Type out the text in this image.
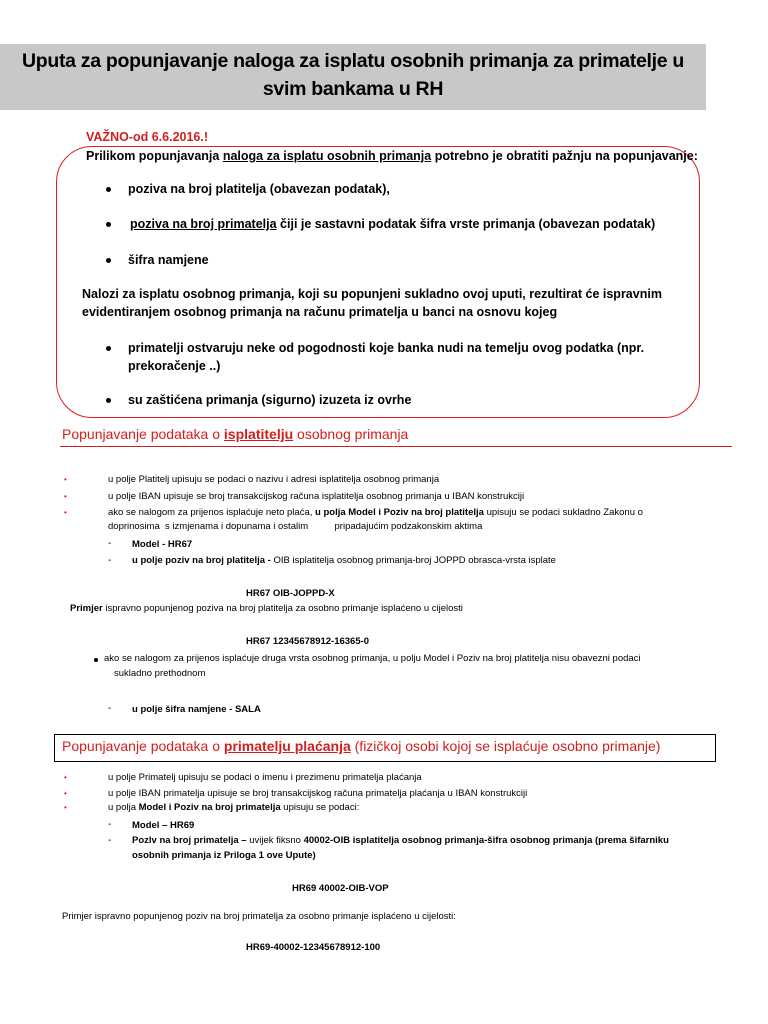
Uputa za popunjavanje naloga za isplatu osobnih primanja za primatelje u
svim bankama u RH
VAŽNO-od 6.6.2016.!
Prilikom popunjavanja naloga za isplatu osobnih primanja potrebno je obratiti pažnju na popunjavanje:
poziva na broj platitelja (obavezan podatak),
poziva na broj primatelja čiji je sastavni podatak šifra vrste primanja (obavezan podatak)
šifra namjene
Nalozi za isplatu osobnog primanja, koji su popunjeni sukladno ovoj uputi, rezultirat će ispravnim
evidentiranjem osobnog primanja na računu primatelja u banci na osnovu kojeg
primatelji ostvaruju neke od pogodnosti koje banka nudi na temelju ovog podatka (npr.
prekoračenje ..)
su zaštićena primanja (sigurno) izuzeta iz ovrhe
Popunjavanje podataka o isplatitelju osobnog primanja
•	u polje Platitelj upisuju se podaci o nazivu i adresi isplatitelja osobnog primanja
•	u polje IBAN upisuje se broj transakcijskog računa isplatitelja osobnog primanja u IBAN konstrukciji
•	ako se nalogom za prijenos isplaćuje neto plaća, u polja Model i Poziv na broj platitelja upisuju se podaci sukladno Zakonu o
doprinosima  s izmjenama i dopunama i ostalim          pripadajućim podzakonskim aktima
- Model - HR67
- u polje poziv na broj platitelja - OIB isplatitelja osobnog primanja-broj JOPPD obrasca-vrsta isplate
HR67 OIB-JOPPD-X
Primjer ispravno popunjenog poziva na broj platitelja za osobno primanje isplaćeno u cijelosti
HR67 12345678912-16365-0
ako se nalogom za prijenos isplaćuje druga vrsta osobnog primanja, u polju Model i Poziv na broj platitelja nisu obavezni podaci
sukladno prethodnom
- u polje šifra namjene - SALA
Popunjavanje podataka o primatelju plaćanja (fizičkoj osobi kojoj se isplaćuje osobno primanje)
•	u polje Primatelj upisuju se podaci o imenu i prezimenu primatelja plaćanja
•	u polje IBAN primatelja upisuje se broj transakcijskog računa primatelja plaćanja u IBAN konstrukciji
•	u polja Model i Poziv na broj primatelja upisuju se podaci:
- Model – HR69
- Pozlv na broj primatelja – uvijek fiksno 40002-OIB isplatitelja osobnog primanja-šifra osobnog primanja (prema šifarniku
osobnih primanja iz Priloga 1 ove Upute)
HR69 40002-OIB-VOP
Primjer ispravno popunjenog poziv na broj primatelja za osobno primanje isplaćeno u cijelosti:
HR69-40002-12345678912-100
